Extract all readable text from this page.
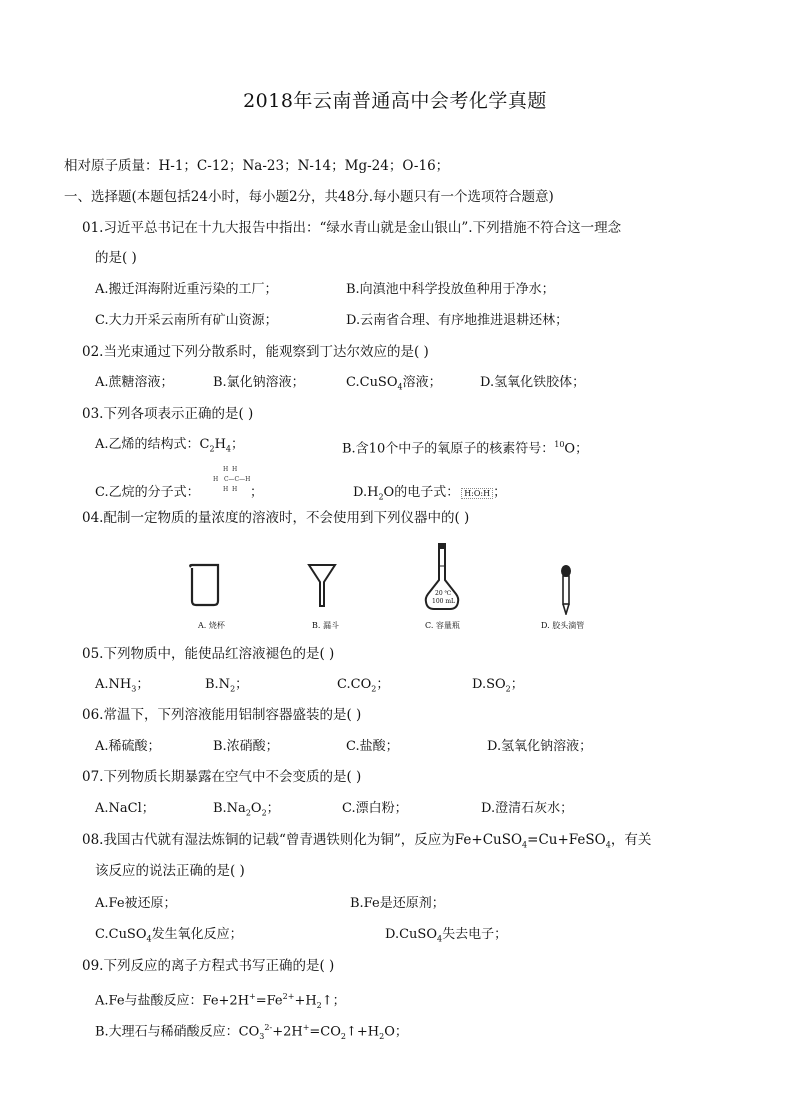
2018年云南普通高中会考化学真题
相对原子质量：H-1；C-12；Na-23；N-14；Mg-24；O-16；
一、选择题(本题包括24小时，每小题2分，共48分.每小题只有一个选项符合题意)
01.习近平总书记在十九大报告中指出：“绿水青山就是金山银山”.下列措施不符合这一理念
的是( )
A.搬迁洱海附近重污染的工厂；	B.向滇池中科学投放鱼种用于净水；
C.大力开采云南所有矿山资源；	D.云南省合理、有序地推进退耕还林；
02.当光束通过下列分散系时，能观察到丁达尔效应的是( )
A.蔗糖溶液；	B.氯化钠溶液；	C.CuSO$_4$溶液；	D.氢氧化铁胶体；
03.下列各项表示正确的是( )
A.乙烯的结构式：$C_2H_4$；	B.含10个中子的氧原子的核素符号：$^{10}$O；
C.乙烷的分子式：
H  H
H   C—C—H
H  H ；	$D.H_2O$的电子式： H:O:H ；
04.配制一定物质的量浓度的溶液时，不会使用到下列仪器中的( )
A. 烧杯	B. 漏斗
20 ℃
100 mL
C. 容量瓶	D. 胶头滴管
05.下列物质中，能使品红溶液褪色的是( )
$A.NH_3$；	$B.N_2$；	$C.CO_2$；	$D.SO_2$；
06.常温下，下列溶液能用铝制容器盛装的是( )
A.稀硫酸；	B.浓硝酸；	C.盐酸；	D.氢氧化钠溶液；
07.下列物质长期暴露在空气中不会变质的是( )
A.NaCl；	$B.Na_2O_2$；	C.漂白粉；	D.澄清石灰水；
08.我国古代就有湿法炼铜的记载“曾青遇铁则化为铜”，反应为Fe+CuSO$_4$=Cu+FeSO$_4$，有关
该反应的说法正确的是( )
A.Fe被还原；	B.Fe是还原剂；
C.CuSO$_4$发生氧化反应；	D.CuSO$_4$失去电子；
09.下列反应的离子方程式书写正确的是( )
A.Fe与盐酸反应：$Fe+2H^+=Fe^{2+}+H_2↑$；
B.大理石与稀硝酸反应：$CO_3^{2-}+2H^+=CO_2↑+H_2O$；
